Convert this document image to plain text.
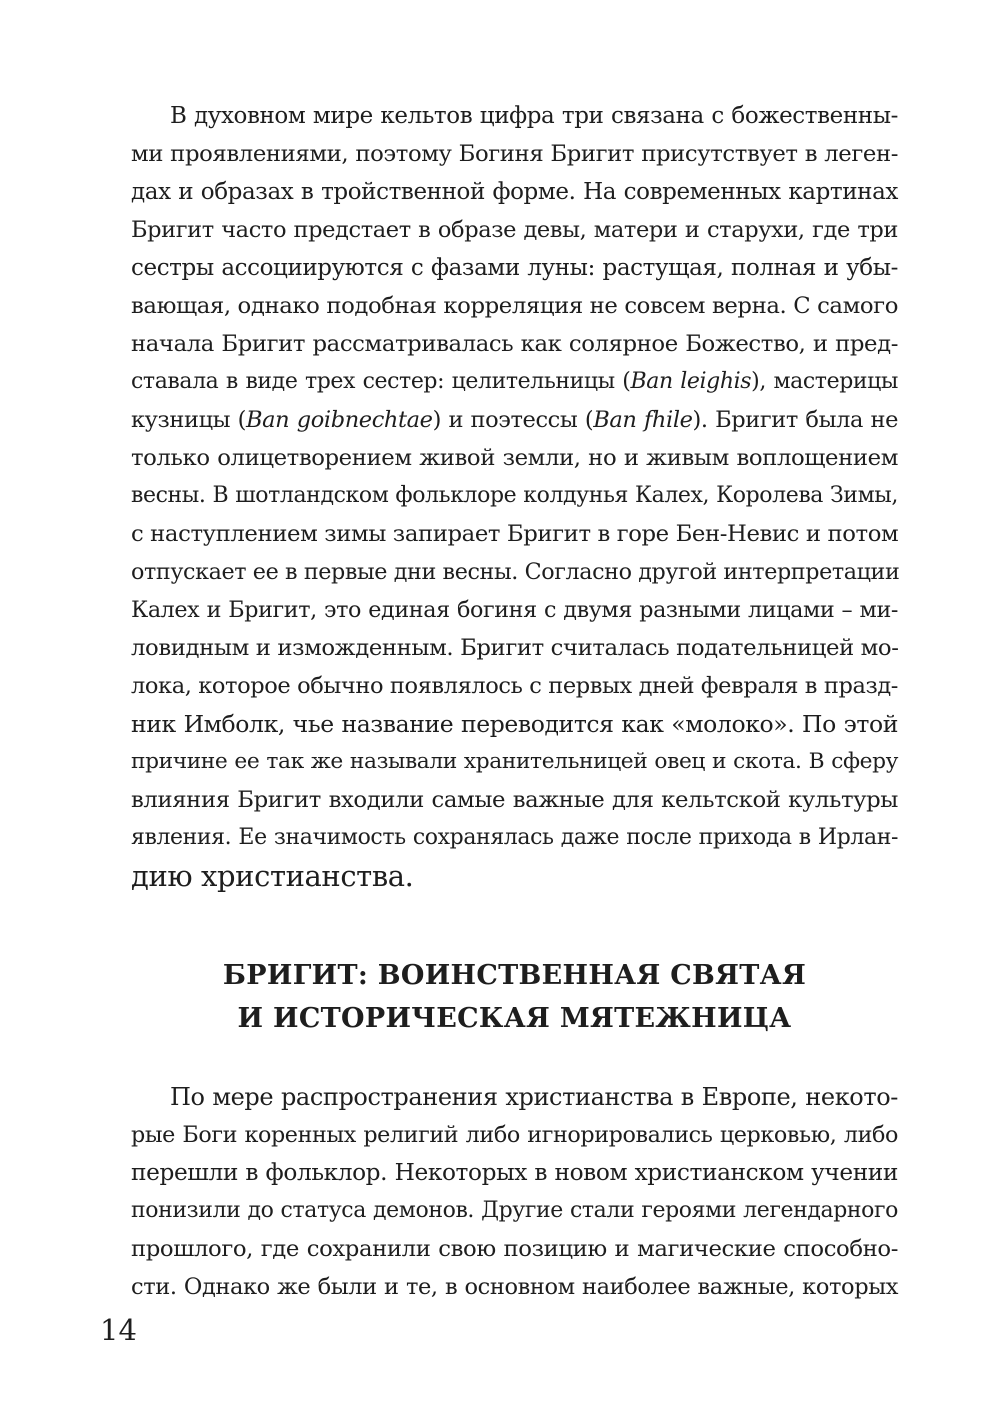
В духовном мире кельтов цифра три связана с божественны-
ми проявлениями, поэтому Богиня Бригит присутствует в леген-
дах и образах в тройственной форме. На современных картинах
Бригит часто предстает в образе девы, матери и старухи, где три
сестры ассоциируются с фазами луны: растущая, полная и убы-
вающая, однако подобная корреляция не совсем верна. С самого
начала Бригит рассматривалась как солярное Божество, и пред-
ставала в виде трех сестер: целительницы (Ban leighis), мастерицы
кузницы (Ban goibnechtae) и поэтессы (Ban fhile). Бригит была не
только олицетворением живой земли, но и живым воплощением
весны. В шотландском фольклоре колдунья Калех, Королева Зимы,
с наступлением зимы запирает Бригит в горе Бен-Невис и потом
отпускает ее в первые дни весны. Согласно другой интерпретации
Калех и Бригит, это единая богиня с двумя разными лицами – ми-
ловидным и изможденным. Бригит считалась подательницей мо-
лока, которое обычно появлялось с первых дней февраля в празд-
ник Имболк, чье название переводится как «молоко». По этой
причине ее так же называли хранительницей овец и скота. В сферу
влияния Бригит входили самые важные для кельтской культуры
явления. Ее значимость сохранялась даже после прихода в Ирлан-
дию христианства.
БРИГИТ: ВОИНСТВЕННАЯ СВЯТАЯ
И ИСТОРИЧЕСКАЯ МЯТЕЖНИЦА
По мере распространения христианства в Европе, некото-
рые Боги коренных религий либо игнорировались церковью, либо
перешли в фольклор. Некоторых в новом христианском учении
понизили до статуса демонов. Другие стали героями легендарного
прошлого, где сохранили свою позицию и магические способно-
сти. Однако же были и те, в основном наиболее важные, которых
14
